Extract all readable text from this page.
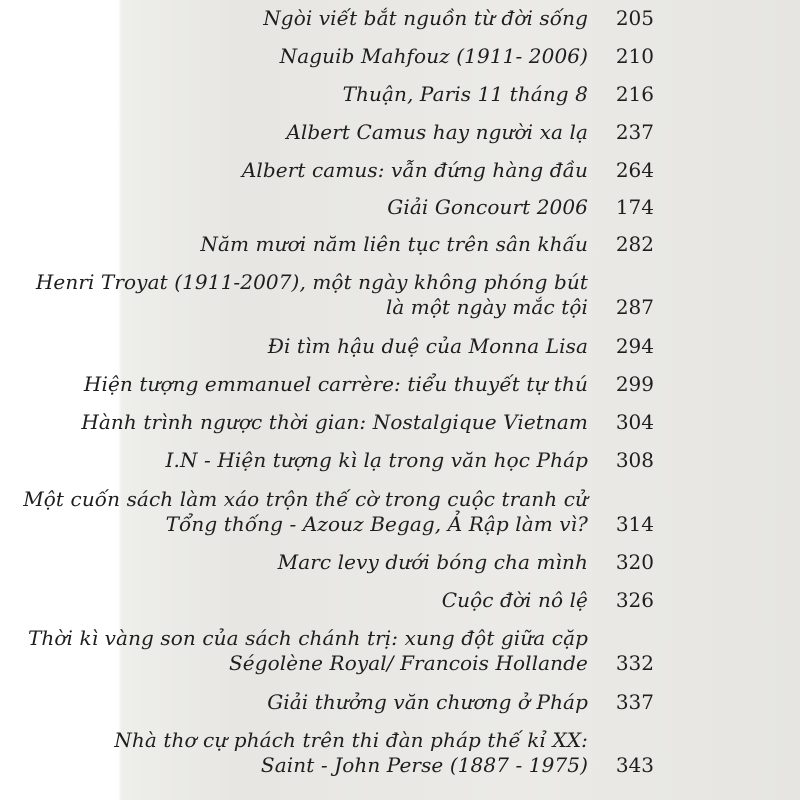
Ngòi viết bắt nguồn từ đời sống	205
Naguib Mahfouz (1911- 2006)	210
Thuận, Paris 11 tháng 8	216
Albert Camus hay người xa lạ	237
Albert camus: vẫn đứng hàng đầu	264
Giải Goncourt 2006	174
Năm mươi năm liên tục trên sân khấu	282
Henri Troyat (1911-2007), một ngày không phóng bút
là một ngày mắc tội	287
Đi tìm hậu duệ của Monna Lisa	294
Hiện tượng emmanuel carrère: tiểu thuyết tự thú	299
Hành trình ngược thời gian: Nostalgique Vietnam	304
I.N - Hiện tượng kì lạ trong văn học Pháp	308
Một cuốn sách làm xáo trộn thế cờ trong cuộc tranh cử
Tổng thống - Azouz Begag, Ả Rập làm vì?	314
Marc levy dưới bóng cha mình	320
Cuộc đời nô lệ	326
Thời kì vàng son của sách chánh trị: xung đột giữa cặp
Ségolène Royal/ Francois Hollande	332
Giải thưởng văn chương ở Pháp	337
Nhà thơ cự phách trên thi đàn pháp thế kỉ XX:
Saint - John Perse (1887 - 1975)	343
